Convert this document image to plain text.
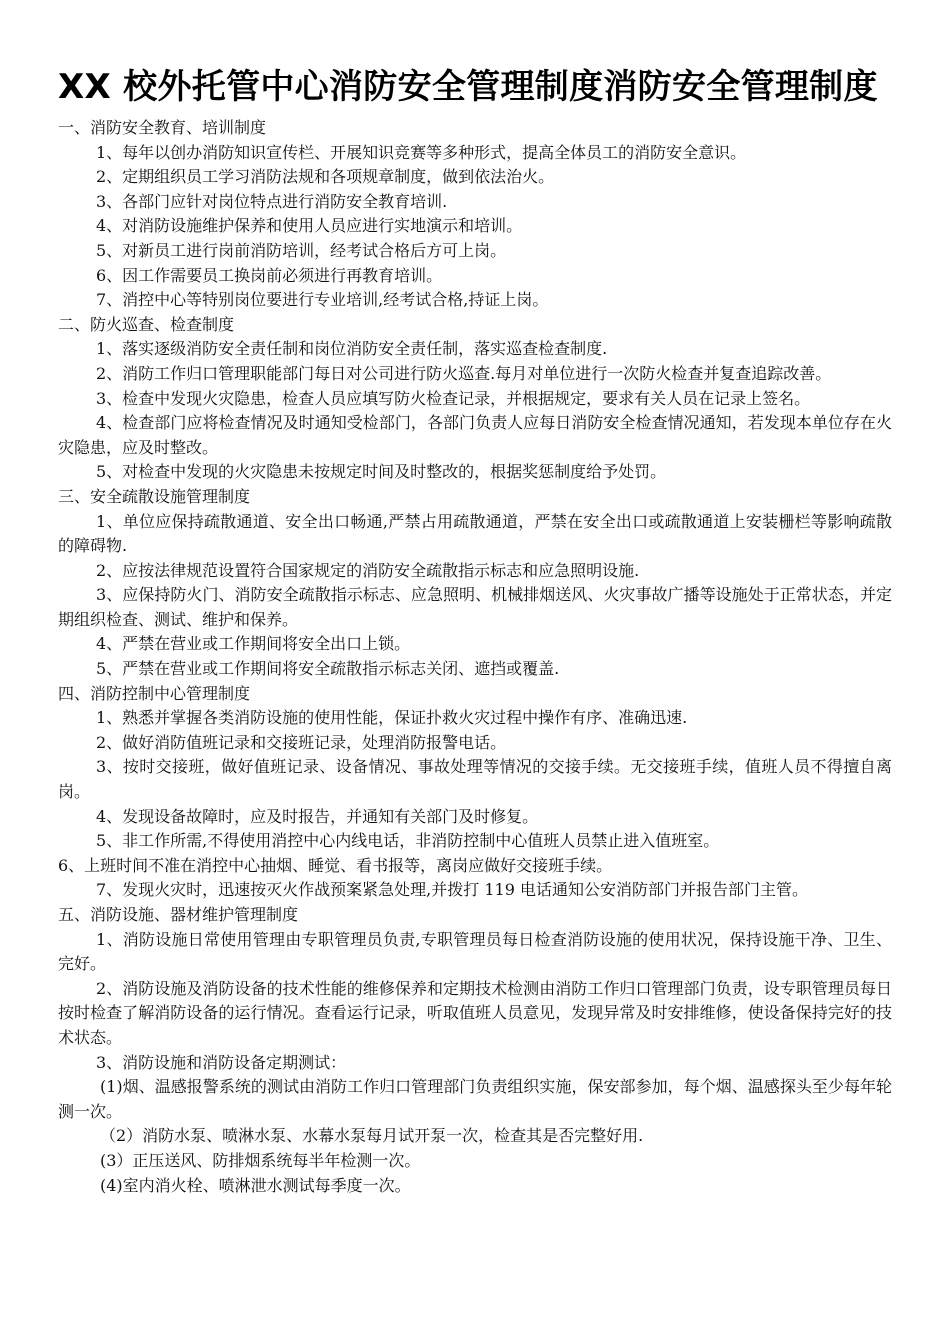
XX 校外托管中心消防安全管理制度消防安全管理制度

一、消防安全教育、培训制度

1、每年以创办消防知识宣传栏、开展知识竞赛等多种形式，提高全体员工的消防安全意识。

2、定期组织员工学习消防法规和各项规章制度，做到依法治火。

3、各部门应针对岗位特点进行消防安全教育培训.

4、对消防设施维护保养和使用人员应进行实地演示和培训。

5、对新员工进行岗前消防培训，经考试合格后方可上岗。

6、因工作需要员工换岗前必须进行再教育培训。

7、消控中心等特别岗位要进行专业培训,经考试合格,持证上岗。

二、防火巡查、检查制度

1、落实逐级消防安全责任制和岗位消防安全责任制，落实巡查检查制度.

2、消防工作归口管理职能部门每日对公司进行防火巡查.每月对单位进行一次防火检查并复查追踪改善。

3、检查中发现火灾隐患，检查人员应填写防火检查记录，并根据规定，要求有关人员在记录上签名。

4、检查部门应将检查情况及时通知受检部门，各部门负责人应每日消防安全检查情况通知，若发现本单位存在火灾隐患，应及时整改。

5、对检查中发现的火灾隐患未按规定时间及时整改的，根据奖惩制度给予处罚。

三、安全疏散设施管理制度

1、单位应保持疏散通道、安全出口畅通,严禁占用疏散通道，严禁在安全出口或疏散通道上安装栅栏等影响疏散的障碍物.

2、应按法律规范设置符合国家规定的消防安全疏散指示标志和应急照明设施.

3、应保持防火门、消防安全疏散指示标志、应急照明、机械排烟送风、火灾事故广播等设施处于正常状态，并定期组织检查、测试、维护和保养。

4、严禁在营业或工作期间将安全出口上锁。

5、严禁在营业或工作期间将安全疏散指示标志关闭、遮挡或覆盖.

四、消防控制中心管理制度

1、熟悉并掌握各类消防设施的使用性能，保证扑救火灾过程中操作有序、准确迅速.

2、做好消防值班记录和交接班记录，处理消防报警电话。

3、按时交接班，做好值班记录、设备情况、事故处理等情况的交接手续。无交接班手续，值班人员不得擅自离岗。

4、发现设备故障时，应及时报告，并通知有关部门及时修复。

5、非工作所需,不得使用消控中心内线电话，非消防控制中心值班人员禁止进入值班室。

6、上班时间不准在消控中心抽烟、睡觉、看书报等，离岗应做好交接班手续。

7、发现火灾时，迅速按灭火作战预案紧急处理,并拨打 119 电话通知公安消防部门并报告部门主管。

五、消防设施、器材维护管理制度

1、消防设施日常使用管理由专职管理员负责,专职管理员每日检查消防设施的使用状况，保持设施干净、卫生、完好。

2、消防设施及消防设备的技术性能的维修保养和定期技术检测由消防工作归口管理部门负责，设专职管理员每日按时检查了解消防设备的运行情况。查看运行记录，听取值班人员意见，发现异常及时安排维修，使设备保持完好的技术状态。

3、消防设施和消防设备定期测试：

(1)烟、温感报警系统的测试由消防工作归口管理部门负责组织实施，保安部参加，每个烟、温感探头至少每年轮测一次。

（2）消防水泵、喷淋水泵、水幕水泵每月试开泵一次，检查其是否完整好用.

(3）正压送风、防排烟系统每半年检测一次。

(4)室内消火栓、喷淋泄水测试每季度一次。
